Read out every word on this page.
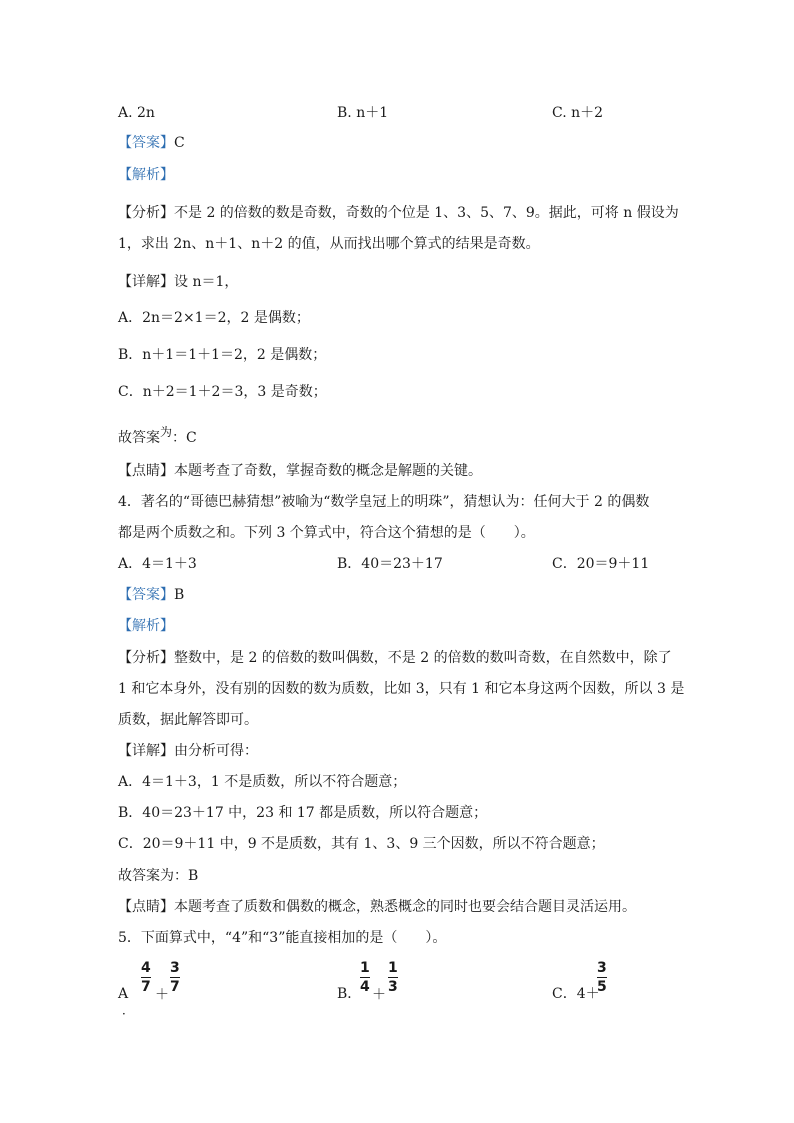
A. 2n	B. n＋1	C. n＋2
【答案】C
【解析】
【分析】不是 2 的倍数的数是奇数，奇数的个位是 1、3、5、7、9。据此，可将 n 假设为
1，求出 2n、n＋1、n＋2 的值，从而找出哪个算式的结果是奇数。
【详解】设 n＝1，
A．2n＝2×1＝2，2 是偶数；
B．n＋1＝1＋1＝2，2 是偶数；
C．n＋2＝1＋2＝3，3 是奇数；
故答案为：C
【点睛】本题考查了奇数，掌握奇数的概念是解题的关键。
4．著名的“哥德巴赫猜想”被喻为“数学皇冠上的明珠”，猜想认为：任何大于 2 的偶数
都是两个质数之和。下列 3 个算式中，符合这个猜想的是（　　）。
A．4＝1＋3	B．40＝23＋17	C．20＝9＋11
【答案】B
【解析】
【分析】整数中，是 2 的倍数的数叫偶数，不是 2 的倍数的数叫奇数，在自然数中，除了
1 和它本身外，没有别的因数的数为质数，比如 3，只有 1 和它本身这两个因数，所以 3 是
质数，据此解答即可。
【详解】由分析可得：
A．4＝1＋3，1 不是质数，所以不符合题意；
B．40＝23＋17 中，23 和 17 都是质数，所以符合题意；
C．20＝9＋11 中，9 不是质数，其有 1、3、9 三个因数，所以不符合题意；
故答案为：B
【点睛】本题考查了质数和偶数的概念，熟悉概念的同时也要会结合题目灵活运用。
5．下面算式中，“4”和“3”能直接相加的是（　　）。
A
．
4
7 ＋
3
7	B．
1
4 ＋
1
3	C．4＋
3
5
